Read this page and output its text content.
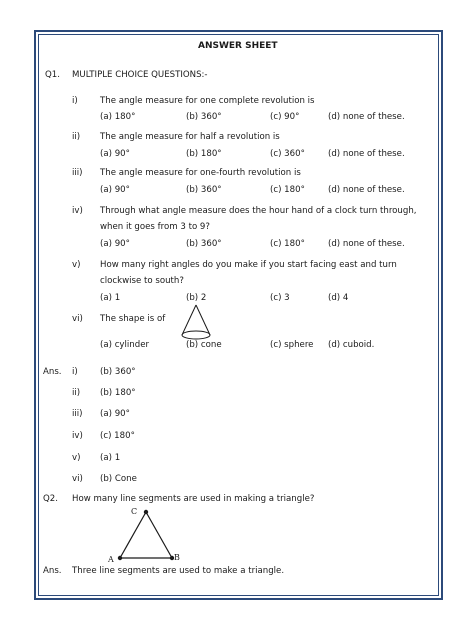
ANSWER SHEET
Q1. MULTIPLE CHOICE QUESTIONS:-
i)	The angle measure for one complete revolution is
(a) 180°	(b) 360°	(c) 90°	(d) none of these.
ii) The angle measure for half a revolution is
(a) 90°	(b) 180°	(c) 360°	(d) none of these.
iii) The angle measure for one-fourth revolution is
(a) 90°	(b) 360°	(c) 180°	(d) none of these.
iv) Through what angle measure does the hour hand of a clock turn through,
when it goes from 3 to 9?
(a) 90°	(b) 360°	(c) 180°	(d) none of these.
v) How many right angles do you make if you start facing east and turn
clockwise to south?
(a) 1	(b) 2	(c) 3	(d) 4
vi) The shape is of
(a) cylinder	(b) cone	(c) sphere (d) cuboid.
Ans. i)	(b) 360°
ii) (b) 180°
iii) (a) 90°
iv) (c) 180°
v) (a) 1
vi) (b) Cone
Q2. How many line segments are used in making a triangle?
C
A	B
Ans. Three line segments are used to make a triangle.
